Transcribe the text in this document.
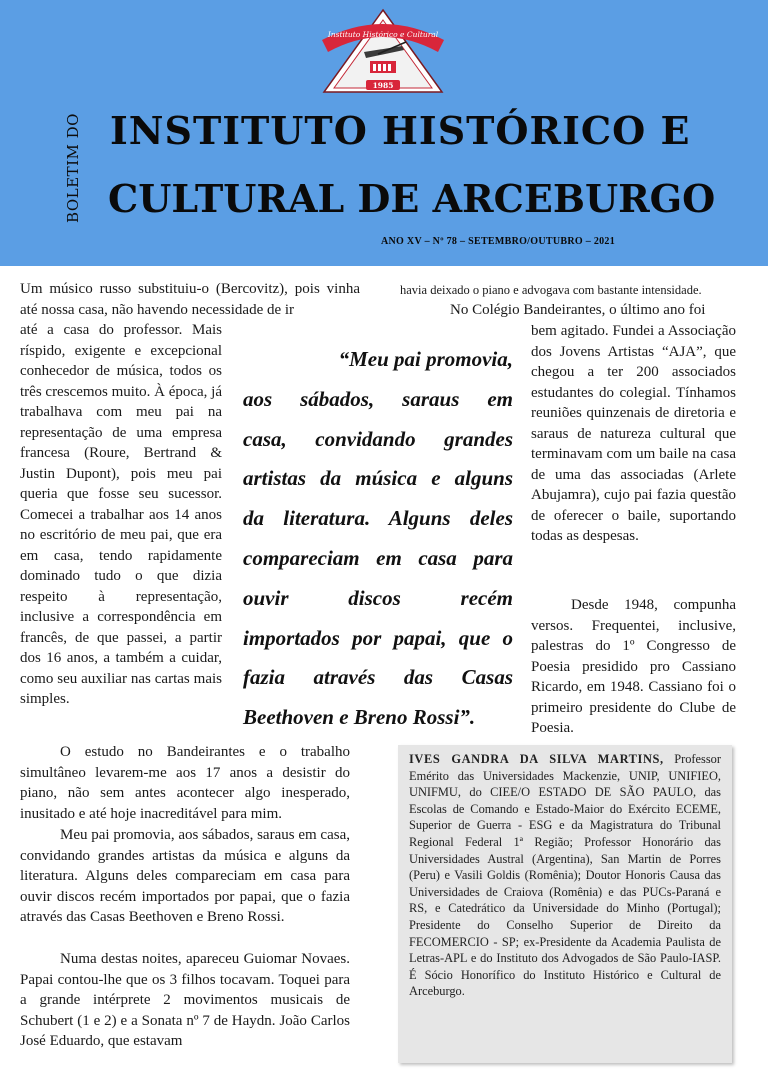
Instituto Histórico e Cultural
1985
BOLETIM DO INSTITUTO HISTÓRICO E
CULTURAL DE ARCEBURGO
ANO XV – Nº 78 – SETEMBRO/OUTUBRO – 2021

Um músico russo substituiu-o (Bercovitz), pois vinha até nossa casa, não havendo necessidade de ir

até a casa do professor. Mais ríspido, exigente e excepcional conhecedor de música, todos os três crescemos muito. À época, já trabalhava com meu pai na representação de uma empresa francesa (Roure, Bertrand & Justin Dupont), pois meu pai queria que fosse seu sucessor. Comecei a trabalhar aos 14 anos no escritório de meu pai, que era em casa, tendo rapidamente dominado tudo o que dizia respeito à representação, inclusive a correspondência em francês, de que passei, a partir dos 16 anos, a também a cuidar, como seu auxiliar nas cartas mais simples.

O estudo no Bandeirantes e o trabalho simultâneo levarem-me aos 17 anos a desistir do piano, não sem antes acontecer algo inesperado, inusitado e até hoje inacreditável para mim.

Meu pai promovia, aos sábados, saraus em casa, convidando grandes artistas da música e alguns da literatura. Alguns deles compareciam em casa para ouvir discos recém importados por papai, que o fazia através das Casas Beethoven e Breno Rossi.

Numa destas noites, apareceu Guiomar Novaes. Papai contou-lhe que os 3 filhos tocavam. Toquei para a grande intérprete 2 movimentos musicais de Schubert (1 e 2) e a Sonata nº 7 de Haydn. João Carlos José Eduardo, que estavam

havia deixado o piano e advogava com bastante intensidade.

No Colégio Bandeirantes, o último ano foi

bem agitado. Fundei a Associação dos Jovens Artistas “AJA”, que chegou a ter 200 associados estudantes do colegial. Tínhamos reuniões quinzenais de diretoria e saraus de natureza cultural que terminavam com um baile na casa de uma das associadas (Arlete Abujamra), cujo pai fazia questão de oferecer o baile, suportando todas as despesas.

Desde 1948, compunha versos. Frequentei, inclusive, palestras do 1º Congresso de Poesia presidido pro Cassiano Ricardo, em 1948. Cassiano foi o primeiro presidente do Clube de Poesia.

“Meu pai promovia,
aos sábados, saraus em
casa, convidando grandes
artistas da música e alguns
da literatura. Alguns deles
compareciam em casa para
ouvir discos recém
importados por papai, que o
fazia através das Casas
Beethoven e Breno Rossi”.

IVES GANDRA DA SILVA MARTINS, Professor Emérito das Universidades Mackenzie, UNIP, UNIFIEO, UNIFMU, do CIEE/O ESTADO DE SÃO PAULO, das Escolas de Comando e Estado-Maior do Exército ECEME, Superior de Guerra - ESG e da Magistratura do Tribunal Regional Federal 1ª Região; Professor Honorário das Universidades Austral (Argentina), San Martin de Porres (Peru) e Vasili Goldis (Romênia); Doutor Honoris Causa das Universidades de Craiova (Romênia) e das PUCs-Paraná e RS, e Catedrático da Universidade do Minho (Portugal); Presidente do Conselho Superior de Direito da FECOMERCIO - SP; ex-Presidente da Academia Paulista de Letras-APL e do Instituto dos Advogados de São Paulo-IASP. É Sócio Honorífico do Instituto Histórico e Cultural de Arceburgo.
